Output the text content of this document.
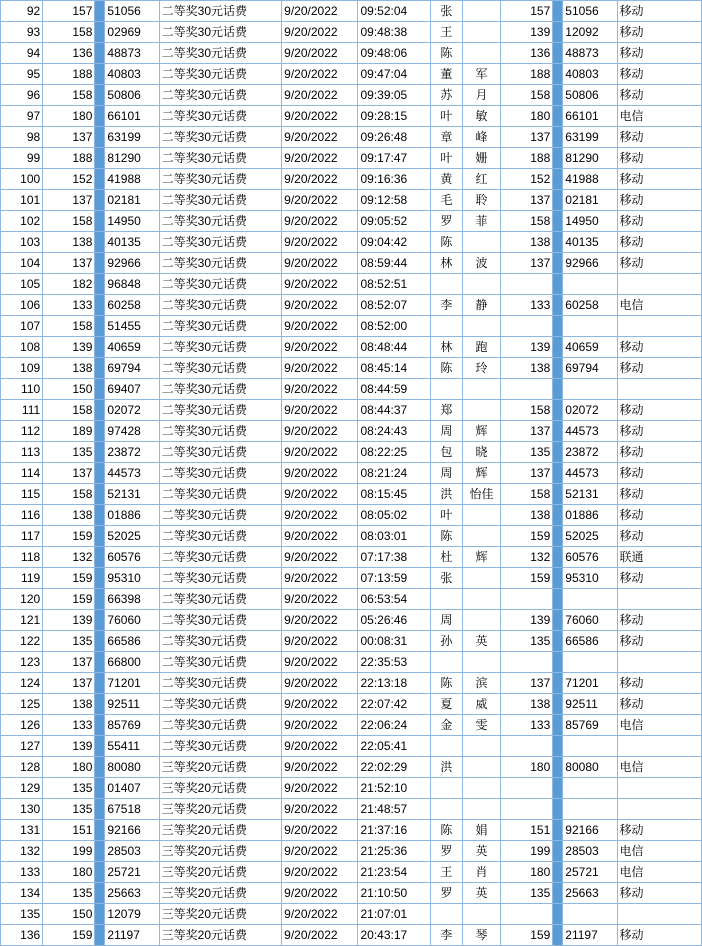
92	157		51056	二等奖30元话费	9/20/2022	09:52:04	张		157		51056	移动
93	158		02969	二等奖30元话费	9/20/2022	09:48:38	王		139		12092	移动
94	136		48873	二等奖30元话费	9/20/2022	09:48:06	陈		136		48873	移动
95	188		40803	二等奖30元话费	9/20/2022	09:47:04	董	军	188		40803	移动
96	158		50806	二等奖30元话费	9/20/2022	09:39:05	苏	月	158		50806	移动
97	180		66101	二等奖30元话费	9/20/2022	09:28:15	叶	敏	180		66101	电信
98	137		63199	二等奖30元话费	9/20/2022	09:26:48	章	峰	137		63199	移动
99	188		81290	二等奖30元话费	9/20/2022	09:17:47	叶	姗	188		81290	移动
100	152		41988	二等奖30元话费	9/20/2022	09:16:36	黄	红	152		41988	移动
101	137		02181	二等奖30元话费	9/20/2022	09:12:58	毛	聆	137		02181	移动
102	158		14950	二等奖30元话费	9/20/2022	09:05:52	罗	菲	158		14950	移动
103	138		40135	二等奖30元话费	9/20/2022	09:04:42	陈		138		40135	移动
104	137		92966	二等奖30元话费	9/20/2022	08:59:44	林	波	137		92966	移动
105	182		96848	二等奖30元话费	9/20/2022	08:52:51						
106	133		60258	二等奖30元话费	9/20/2022	08:52:07	李	静	133		60258	电信
107	158		51455	二等奖30元话费	9/20/2022	08:52:00						
108	139		40659	二等奖30元话费	9/20/2022	08:48:44	林	跑	139		40659	移动
109	138		69794	二等奖30元话费	9/20/2022	08:45:14	陈	玲	138		69794	移动
110	150		69407	二等奖30元话费	9/20/2022	08:44:59						
111	158		02072	二等奖30元话费	9/20/2022	08:44:37	郑		158		02072	移动
112	189		97428	二等奖30元话费	9/20/2022	08:24:43	周	辉	137		44573	移动
113	135		23872	二等奖30元话费	9/20/2022	08:22:25	包	晓	135		23872	移动
114	137		44573	二等奖30元话费	9/20/2022	08:21:24	周	辉	137		44573	移动
115	158		52131	二等奖30元话费	9/20/2022	08:15:45	洪	怡佳	158		52131	移动
116	138		01886	二等奖30元话费	9/20/2022	08:05:02	叶		138		01886	移动
117	159		52025	二等奖30元话费	9/20/2022	08:03:01	陈		159		52025	移动
118	132		60576	二等奖30元话费	9/20/2022	07:17:38	杜	辉	132		60576	联通
119	159		95310	二等奖30元话费	9/20/2022	07:13:59	张		159		95310	移动
120	159		66398	二等奖30元话费	9/20/2022	06:53:54						
121	139		76060	二等奖30元话费	9/20/2022	05:26:46	周		139		76060	移动
122	135		66586	二等奖30元话费	9/20/2022	00:08:31	孙	英	135		66586	移动
123	137		66800	二等奖30元话费	9/20/2022	22:35:53						
124	137		71201	二等奖30元话费	9/20/2022	22:13:18	陈	滨	137		71201	移动
125	138		92511	二等奖30元话费	9/20/2022	22:07:42	夏	威	138		92511	移动
126	133		85769	二等奖30元话费	9/20/2022	22:06:24	金	雯	133		85769	电信
127	139		55411	二等奖30元话费	9/20/2022	22:05:41						
128	180		80080	三等奖20元话费	9/20/2022	22:02:29	洪		180		80080	电信
129	135		01407	三等奖20元话费	9/20/2022	21:52:10						
130	135		67518	三等奖20元话费	9/20/2022	21:48:57						
131	151		92166	三等奖20元话费	9/20/2022	21:37:16	陈	娟	151		92166	移动
132	199		28503	三等奖20元话费	9/20/2022	21:25:36	罗	英	199		28503	电信
133	180		25721	三等奖20元话费	9/20/2022	21:23:54	王	肖	180		25721	电信
134	135		25663	三等奖20元话费	9/20/2022	21:10:50	罗	英	135		25663	移动
135	150		12079	三等奖20元话费	9/20/2022	21:07:01						
136	159		21197	三等奖20元话费	9/20/2022	20:43:17	李	琴	159		21197	移动
